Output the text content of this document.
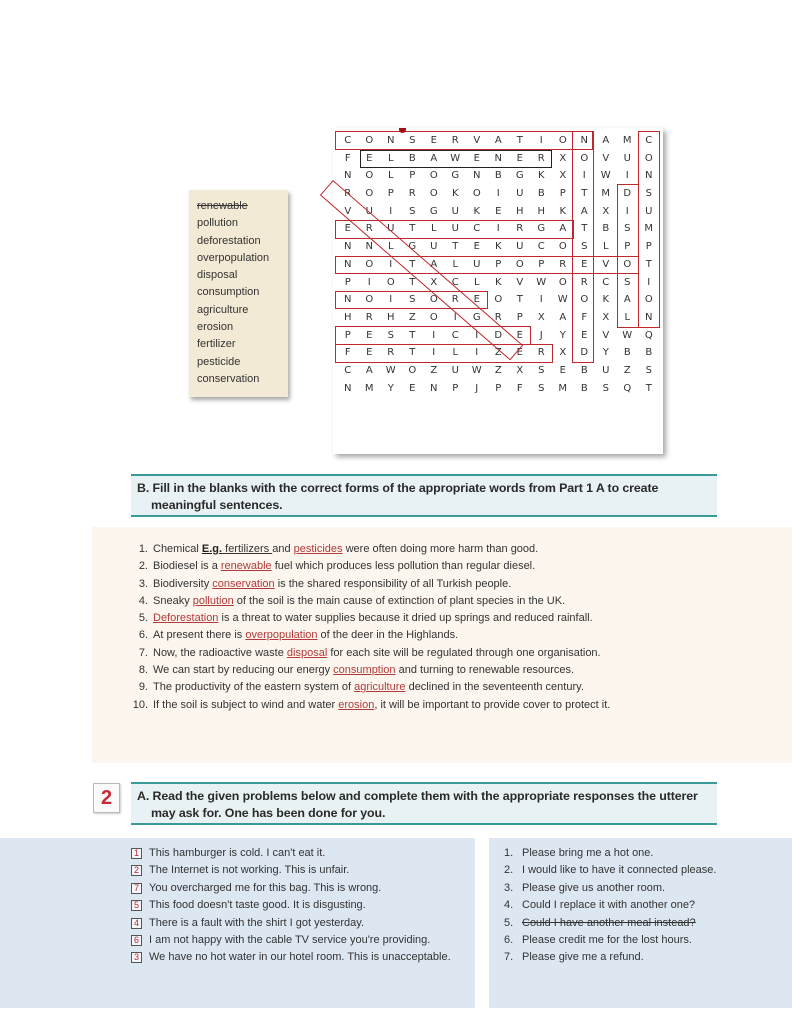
renewable
pollution
deforestation
overpopulation
disposal
consumption
agriculture
erosion
fertilizer
pesticide
conservation
C	O	N	S	E	R	V	A	T	I	O	N	A	M	C
F	E	L	B	A	W	E	N	E	R	X	O	V	U	O
N	O	L	P	O	G	N	B	G	K	X	I	W	I	N
R	O	P	R	O	K	O	I	U	B	P	T	M	D	S
V	U	I	S	G	U	K	E	H	H	K	A	X	I	U
E	R	U	T	L	U	C	I	R	G	A	T	B	S	M
N	N	L	G	U	T	E	K	U	C	O	S	L	P	P
N	O	I	T	A	L	U	P	O	P	R	E	V	O	T
P	I	O	T	X	C	L	K	V	W	O	R	C	S	I
N	O	I	S	O	R	E	O	T	I	W	O	K	A	O
H	R	H	Z	O	I	G	R	P	X	A	F	X	L	N
P	E	S	T	I	C	I	D	E	J	Y	E	V	W	Q
F	E	R	T	I	L	I	Z	E	R	X	D	Y	B	B
C	A	W	O	Z	U	W	Z	X	S	E	B	U	Z	S
N	M	Y	E	N	P	J	P	F	S	M	B	S	Q	T
B. Fill in the blanks with the correct forms of the appropriate words from Part 1 A to create meaningful sentences.
1. Chemical E.g. fertilizers and pesticides were often doing more harm than good.
2. Biodiesel is a renewable fuel which produces less pollution than regular diesel.
3. Biodiversity conservation is the shared responsibility of all Turkish people.
4. Sneaky pollution of the soil is the main cause of extinction of plant species in the UK.
5. Deforestation is a threat to water supplies because it dried up springs and reduced rainfall.
6. At present there is overpopulation of the deer in the Highlands.
7. Now, the radioactive waste disposal for each site will be regulated through one organisation.
8. We can start by reducing our energy consumption and turning to renewable resources.
9. The productivity of the eastern system of agriculture declined in the seventeenth century.
10. If the soil is subject to wind and water erosion, it will be important to provide cover to protect it.
2	A. Read the given problems below and complete them with the appropriate responses the utterer may ask for. One has been done for you.
1 This hamburger is cold. I can't eat it.
2 The Internet is not working. This is unfair.
7 You overcharged me for this bag. This is wrong.
5 This food doesn't taste good. It is disgusting.
4 There is a fault with the shirt I got yesterday.
6 I am not happy with the cable TV service you're providing.
3 We have no hot water in our hotel room. This is unacceptable.
1. Please bring me a hot one.
2. I would like to have it connected please.
3. Please give us another room.
4. Could I replace it with another one?
5. Could I have another meal instead?
6. Please credit me for the lost hours.
7. Please give me a refund.
